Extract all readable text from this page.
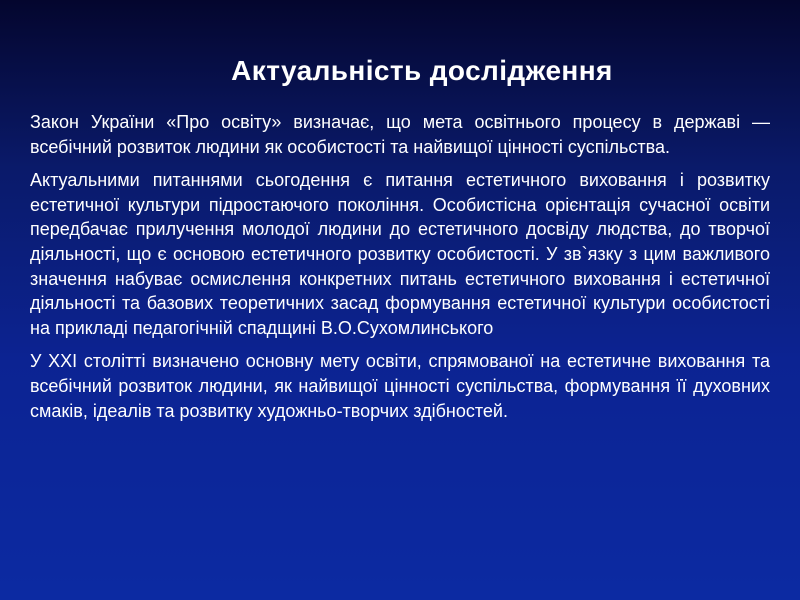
Актуальність дослідження

Закон України «Про освіту» визначає, що мета освітнього процесу в державі — всебічний розвиток людини як особистості та найвищої цінності суспільства.

Актуальними питаннями сьогодення є питання естетичного виховання і розвитку естетичної культури підростаючого покоління. Особистісна орієнтація сучасної освіти передбачає прилучення молодої людини до естетичного досвіду людства, до творчої діяльності, що є основою естетичного розвитку особистості. У зв`язку з цим важливого значення набуває осмислення конкретних питань естетичного виховання і естетичної діяльності та базових теоретичних засад формування естетичної культури особистості на прикладі педагогічній спадщині В.О.Сухомлинського

У ХХІ столітті визначено основну мету освіти, спрямованої на естетичне виховання та всебічний розвиток людини, як найвищої цінності суспільства, формування її духовних смаків, ідеалів та розвитку художньо-творчих здібностей.
